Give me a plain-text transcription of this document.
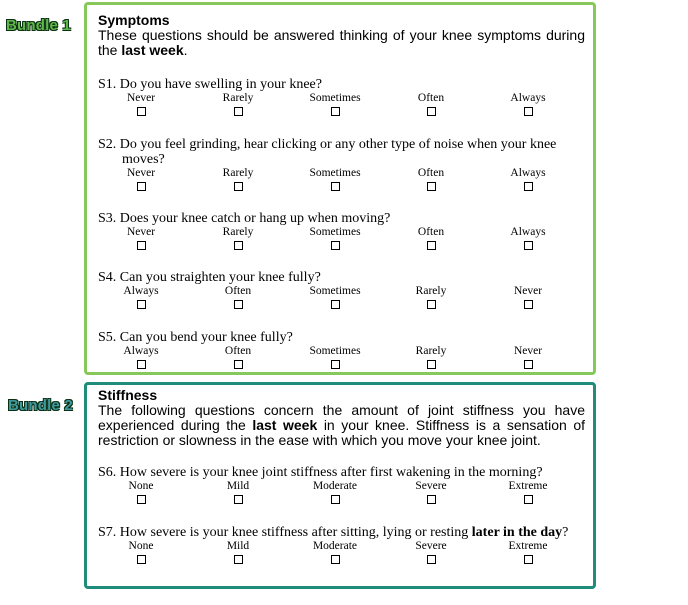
Bundle 1
Bundle 2
Symptoms

These questions should be answered thinking of your knee symptoms during the last week.

S1. Do you have swelling in your knee?
Never	Rarely	Sometimes	Often	Always
S2. Do you feel grinding, hear clicking or any other type of noise when your knee moves?
Never	Rarely	Sometimes	Often	Always
S3. Does your knee catch or hang up when moving?
Never	Rarely	Sometimes	Often	Always
S4. Can you straighten your knee fully?
Always	Often	Sometimes	Rarely	Never
S5. Can you bend your knee fully?
Always	Often	Sometimes	Rarely	Never
Stiffness

The following questions concern the amount of joint stiffness you have experienced during the last week in your knee. Stiffness is a sensation of restriction or slowness in the ease with which you move your knee joint.

S6. How severe is your knee joint stiffness after first wakening in the morning?
None	Mild	Moderate	Severe	Extreme
S7. How severe is your knee stiffness after sitting, lying or resting later in the day?
None	Mild	Moderate	Severe	Extreme
